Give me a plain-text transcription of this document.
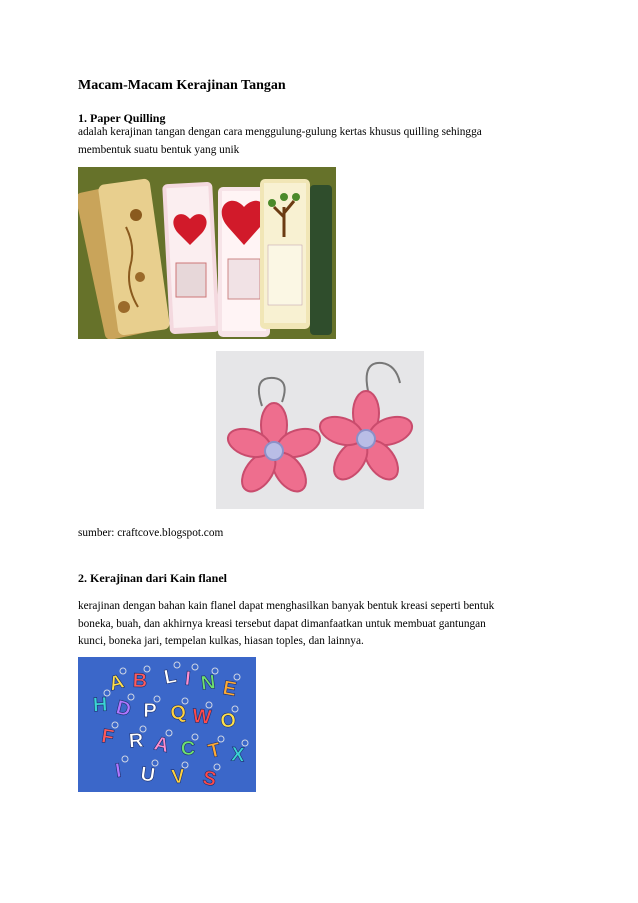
Macam-Macam Kerajinan Tangan
1. Paper Quilling
adalah kerajinan tangan dengan cara menggulung-gulung kertas khusus quilling sehingga
membentuk suatu bentuk yang unik
sumber: craftcove.blogspot.com
2. Kerajinan dari Kain flanel
kerajinan dengan bahan kain flanel dapat menghasilkan banyak bentuk kreasi seperti bentuk
boneka, buah, dan akhirnya kreasi tersebut dapat dimanfaatkan untuk membuat gantungan
kunci, boneka jari, tempelan kulkas, hiasan toples, dan lainnya.
A B L I N E
H D P Q W O
F R A C T X
I U V S
